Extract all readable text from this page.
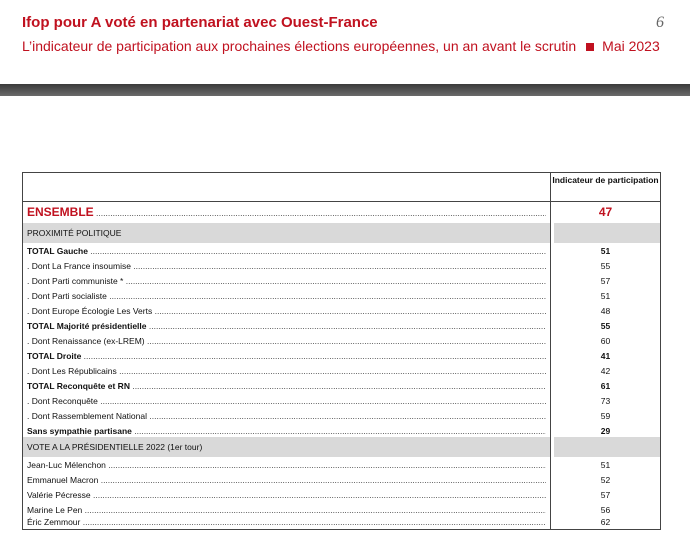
Ifop pour A voté en partenariat avec Ouest-France
L’indicateur de participation aux prochaines élections européennes, un an avant le scrutin Mai 2023
6
Indicateur de participation
ENSEMBLE .....	47
PROXIMITÉ POLITIQUE
TOTAL Gauche .....	51
. Dont La France insoumise .....	55
. Dont Parti communiste * .....	57
. Dont Parti socialiste .....	51
. Dont Europe Écologie Les Verts .....	48
TOTAL Majorité présidentielle .....	55
. Dont Renaissance (ex-LREM) .....	60
TOTAL Droite .....	41
. Dont Les Républicains .....	42
TOTAL Reconquête et RN .....	61
. Dont Reconquête .....	73
. Dont Rassemblement National .....	59
Sans sympathie partisane .....	29
VOTE A LA PRÉSIDENTIELLE 2022 (1er tour)
Jean-Luc Mélenchon .....	51
Emmanuel Macron .....	52
Valérie Pécresse .....	57
Marine Le Pen .....	56
Éric Zemmour .....	62
